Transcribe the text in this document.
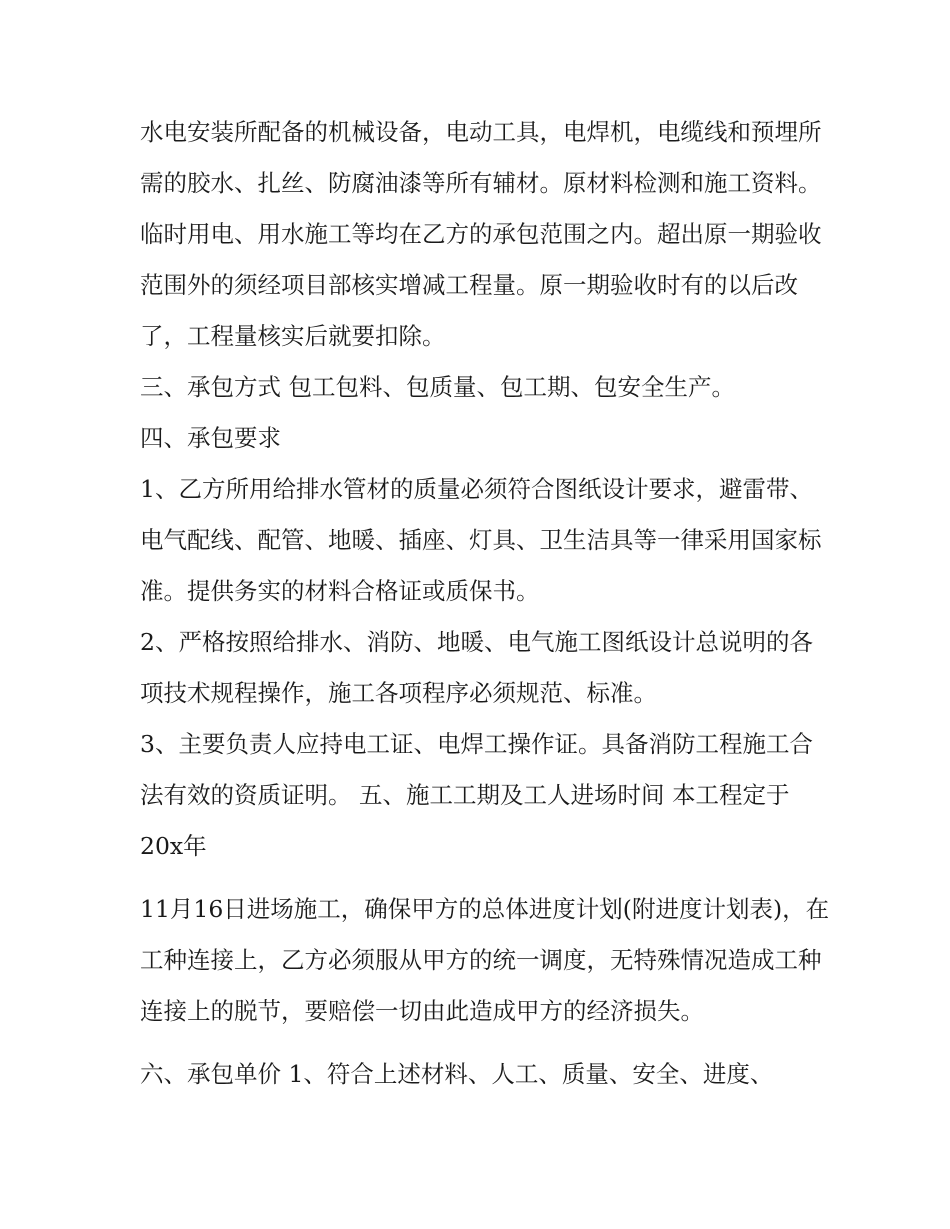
水电安装所配备的机械设备，电动工具，电焊机，电缆线和预埋所需的胶水、扎丝、防腐油漆等所有辅材。原材料检测和施工资料。临时用电、用水施工等均在乙方的承包范围之内。超出原一期验收范围外的须经项目部核实增减工程量。原一期验收时有的以后改了，工程量核实后就要扣除。

三、承包方式 包工包料、包质量、包工期、包安全生产。

四、承包要求

1、乙方所用给排水管材的质量必须符合图纸设计要求，避雷带、电气配线、配管、地暖、插座、灯具、卫生洁具等一律采用国家标准。提供务实的材料合格证或质保书。

2、严格按照给排水、消防、地暖、电气施工图纸设计总说明的各项技术规程操作，施工各项程序必须规范、标准。

3、主要负责人应持电工证、电焊工操作证。具备消防工程施工合法有效的资质证明。 五、施工工期及工人进场时间 本工程定于20x年

11月16日进场施工，确保甲方的总体进度计划(附进度计划表)，在工种连接上，乙方必须服从甲方的统一调度，无特殊情况造成工种连接上的脱节，要赔偿一切由此造成甲方的经济损失。

六、承包单价 1、符合上述材料、人工、质量、安全、进度、
